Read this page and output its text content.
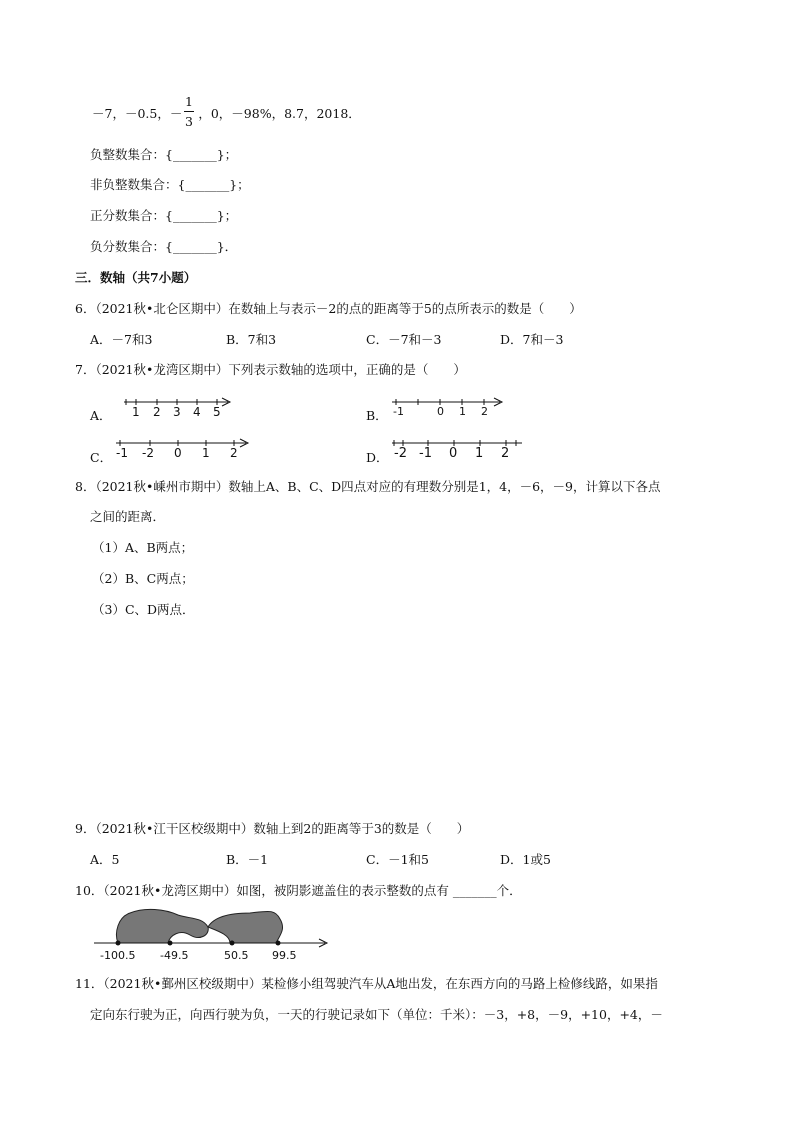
－7，－0.5，－ ，0，－98%，8.7，2018．
1
3
负整数集合：{_______}；
非负整数集合：{_______}；
正分数集合：{_______}；
负分数集合：{_______}．
三．数轴（共7小题）
6．（2021秋•北仑区期中）在数轴上与表示－2的点的距离等于5的点所表示的数是（　　）
A．－7和3	B．7和3	C．－7和－3	D．7和－3
7．（2021秋•龙湾区期中）下列表示数轴的选项中，正确的是（　　）
A．	B．
C．	D．
1 2 3 4 5	-1	0 1 2
-1 -2 0 1 2	-2 -1 0 1 2
8．（2021秋•嵊州市期中）数轴上A、B、C、D四点对应的有理数分别是1，4，－6，－9，计算以下各点
之间的距离．
（1）A、B两点；
（2）B、C两点；
（3）C、D两点．
9．（2021秋•江干区校级期中）数轴上到2的距离等于3的数是（　　）
A．5	B．－1	C．－1和5	D．1或5
10．（2021秋•龙湾区期中）如图，被阴影遮盖住的表示整数的点有 _______个．
-100.5 -49.5	50.5 99.5
11．（2021秋•鄞州区校级期中）某检修小组驾驶汽车从A地出发，在东西方向的马路上检修线路，如果指
定向东行驶为正，向西行驶为负，一天的行驶记录如下（单位：千米）：－3，+8，－9，+10，+4，－
